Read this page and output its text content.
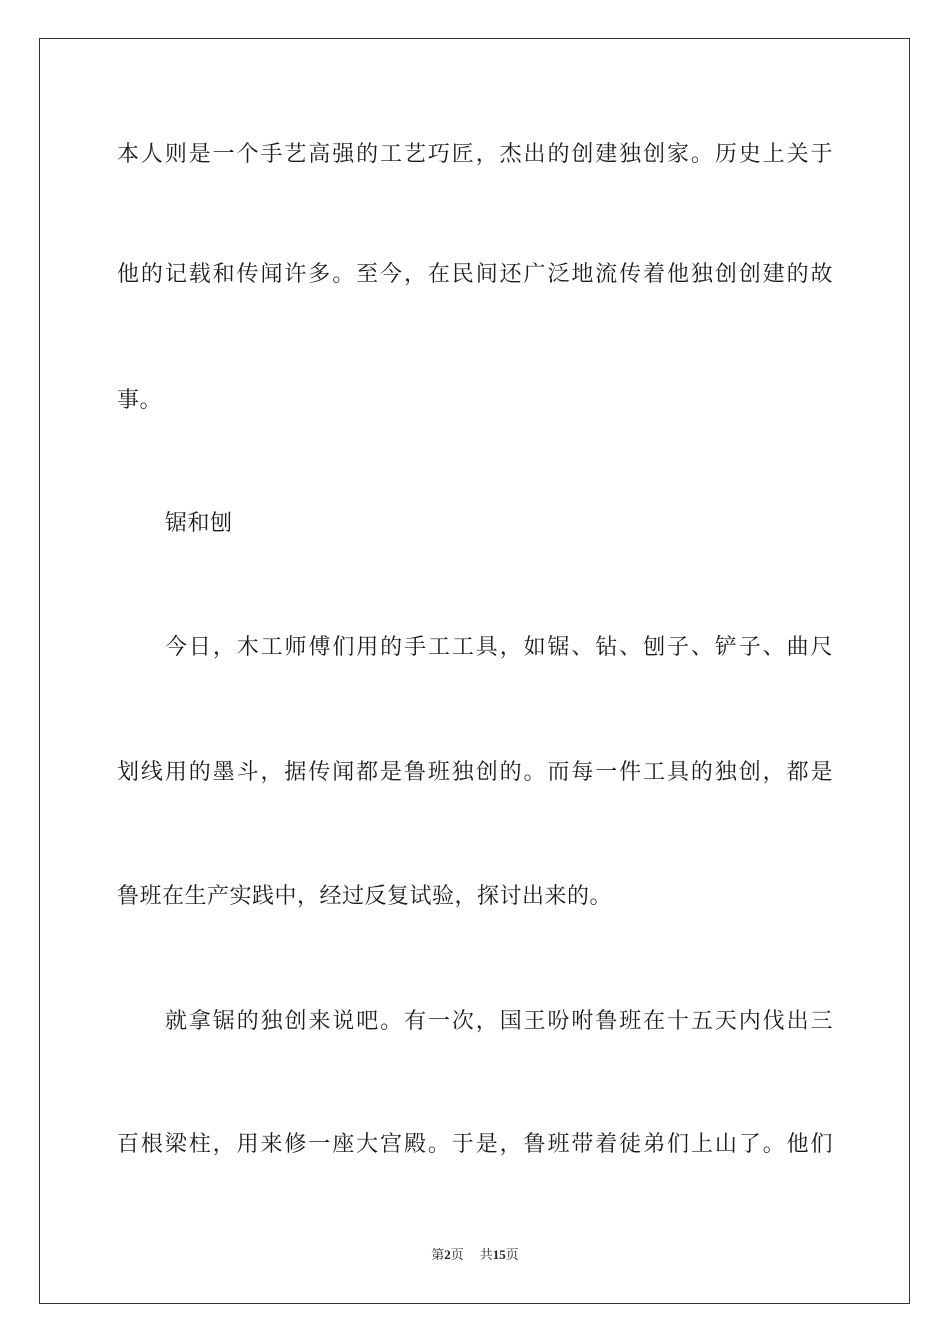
本人则是一个手艺高强的工艺巧匠，杰出的创建独创家。历史上关于
他的记载和传闻许多。至今，在民间还广泛地流传着他独创创建的故
事。
锯和刨
今日，木工师傅们用的手工工具，如锯、钻、刨子、铲子、曲尺
划线用的墨斗，据传闻都是鲁班独创的。而每一件工具的独创，都是
鲁班在生产实践中，经过反复试验，探讨出来的。
就拿锯的独创来说吧。有一次，国王吩咐鲁班在十五天内伐出三
百根梁柱，用来修一座大宫殿。于是，鲁班带着徒弟们上山了。他们
第2页 共15页
